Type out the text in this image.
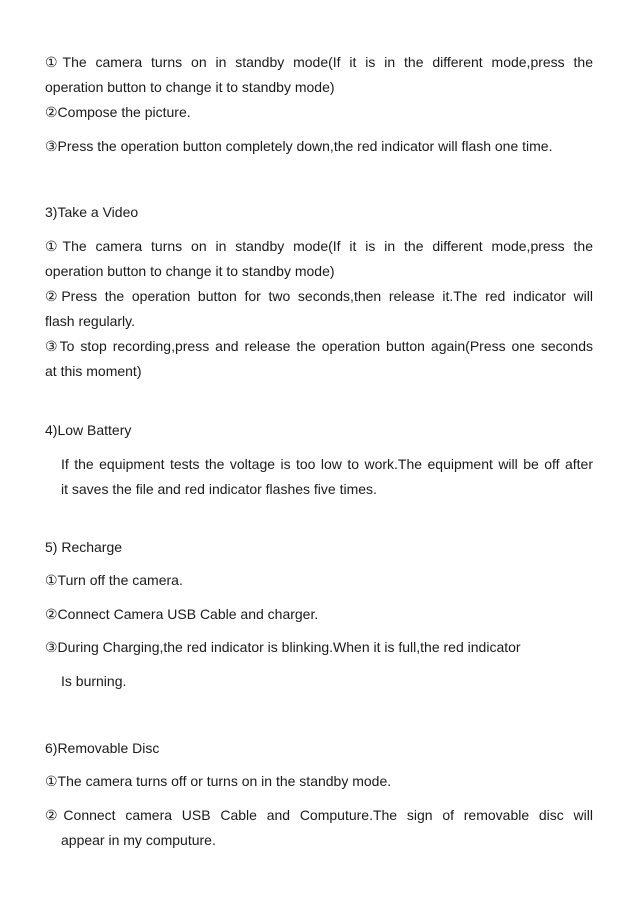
①The camera turns on in standby mode(If it is in the different mode,press the
operation button to change it to standby mode)
②Compose the picture.
③Press the operation button completely down,the red indicator will flash one time.
3)Take a Video
①The camera turns on in standby mode(If it is in the different mode,press the
operation button to change it to standby mode)
②Press the operation button for two seconds,then release it.The red indicator will
flash regularly.
③To stop recording,press and release the operation button again(Press one seconds
at this moment)
4)Low Battery
If the equipment tests the voltage is too low to work.The equipment will be off after
it saves the file and red indicator flashes five times.
5) Recharge
①Turn off the camera.
②Connect Camera USB Cable and charger.
③During Charging,the red indicator is blinking.When it is full,the red indicator
Is burning.
6)Removable Disc
①The camera turns off or turns on in the standby mode.
②Connect camera USB Cable and Computure.The sign of removable disc will
appear in my computure.
